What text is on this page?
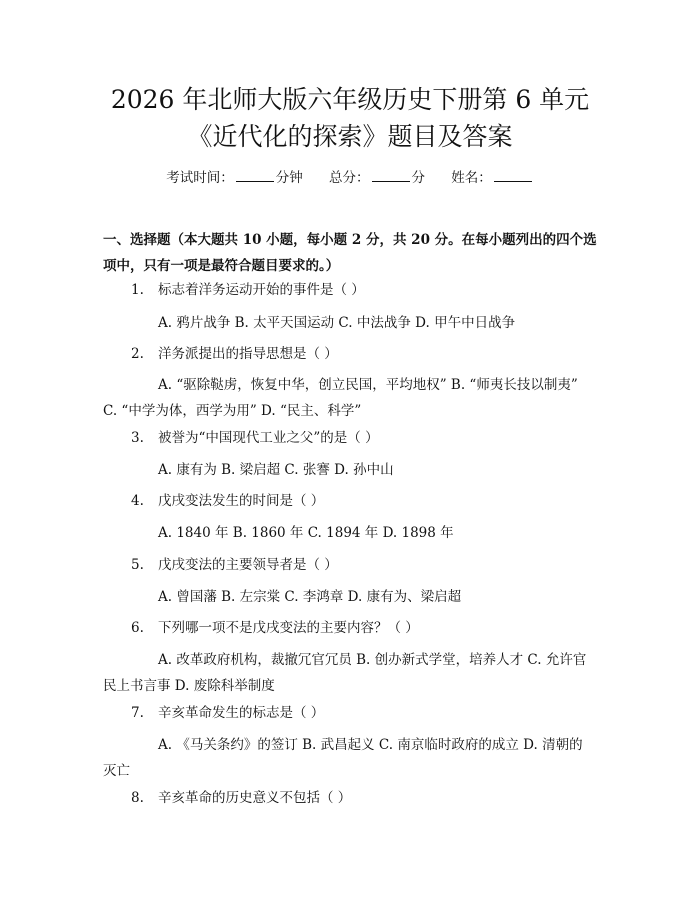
2026 年北师大版六年级历史下册第 6 单元
《近代化的探索》题目及答案
考试时间：	分钟 总分：	分 姓名：
一、选择题（本大题共 10 小题，每小题 2 分，共 20 分。在每小题列出的四个选项中，只有一项是最符合题目要求的。）
1. 标志着洋务运动开始的事件是（ ）
A. 鸦片战争 B. 太平天国运动 C. 中法战争 D. 甲午中日战争
2. 洋务派提出的指导思想是（ ）
A. “驱除鞑虏，恢复中华，创立民国，平均地权” B. “师夷长技以制夷” C. “中学为体，西学为用” D. “民主、科学”
3. 被誉为“中国现代工业之父”的是（ ）
A. 康有为 B. 梁启超 C. 张謇 D. 孙中山
4. 戊戌变法发生的时间是（ ）
A. 1840 年 B. 1860 年 C. 1894 年 D. 1898 年
5. 戊戌变法的主要领导者是（ ）
A. 曾国藩 B. 左宗棠 C. 李鸿章 D. 康有为、梁启超
6. 下列哪一项不是戊戌变法的主要内容？（ ）
A. 改革政府机构，裁撤冗官冗员 B. 创办新式学堂，培养人才 C. 允许官民上书言事 D. 废除科举制度
7. 辛亥革命发生的标志是（ ）
A. 《马关条约》的签订 B. 武昌起义 C. 南京临时政府的成立 D. 清朝的灭亡
8. 辛亥革命的历史意义不包括（ ）
